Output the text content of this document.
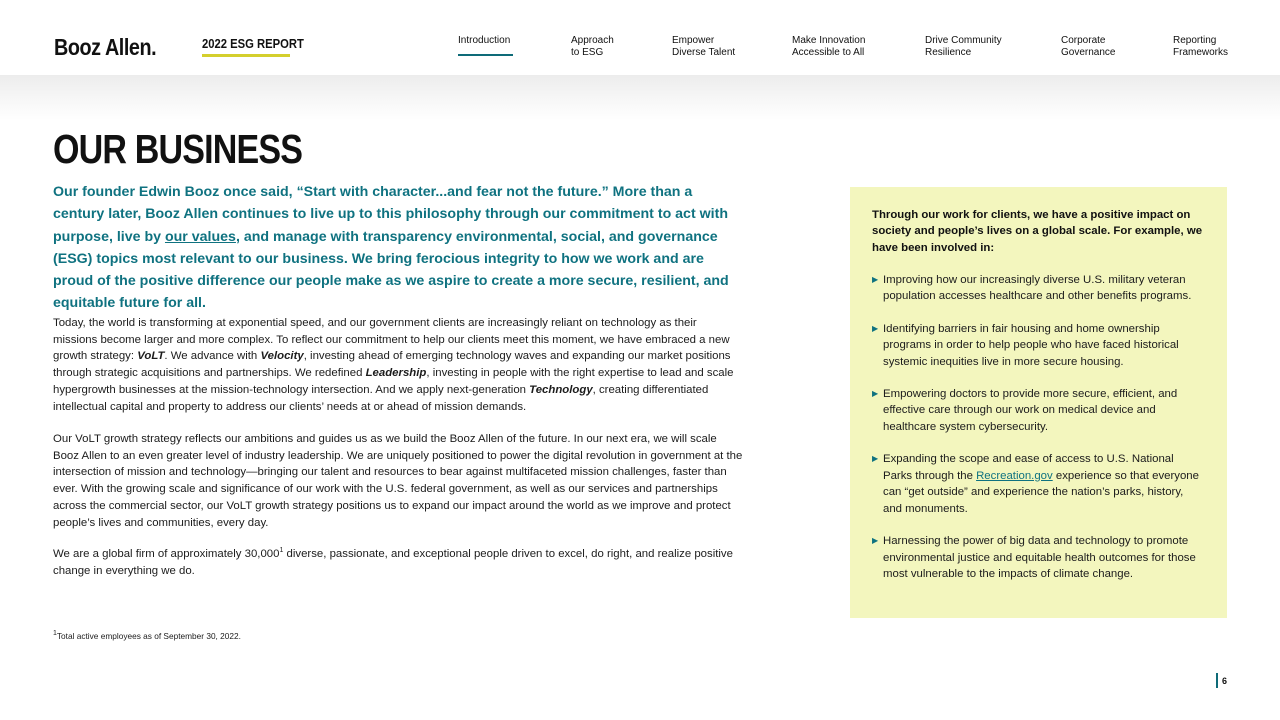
Booz Allen.	2022 ESG REPORT	Introduction	Approach
to ESG
Empower
Diverse Talent
Make Innovation
Accessible to All
Drive Community
Resilience
Corporate
Governance
Reporting
Frameworks
OUR BUSINESS

Our founder Edwin Booz once said, “Start with character...and fear not the future.” More than a century later, Booz Allen continues to live up to this philosophy through our commitment to act with purpose, live by our values, and manage with transparency environmental, social, and governance (ESG) topics most relevant to our business. We bring ferocious integrity to how we work and are proud of the positive difference our people make as we aspire to create a more secure, resilient, and equitable future for all.

Today, the world is transforming at exponential speed, and our government clients are increasingly reliant on technology as their missions become larger and more complex. To reflect our commitment to help our clients meet this moment, we have embraced a new growth strategy: VoLT. We advance with Velocity, investing ahead of emerging technology waves and expanding our market positions through strategic acquisitions and partnerships. We redefined Leadership, investing in people with the right expertise to lead and scale hypergrowth businesses at the mission-technology intersection. And we apply next-generation Technology, creating differentiated intellectual capital and property to address our clients’ needs at or ahead of mission demands.

Our VoLT growth strategy reflects our ambitions and guides us as we build the Booz Allen of the future. In our next era, we will scale Booz Allen to an even greater level of industry leadership. We are uniquely positioned to power the digital revolution in government at the intersection of mission and technology—bringing our talent and resources to bear against multifaceted mission challenges, faster than ever. With the growing scale and significance of our work with the U.S. federal government, as well as our services and partnerships across the commercial sector, our VoLT growth strategy positions us to expand our impact around the world as we improve and protect people’s lives and communities, every day.

We are a global firm of approximately 30,000$^1$ diverse, passionate, and exceptional people driven to excel, do right, and realize positive change in everything we do.

$^1$Total active employees as of September 30, 2022.

Through our work for clients, we have a positive impact on society and people’s lives on a global scale. For example, we have been involved in:

▶ Improving how our increasingly diverse U.S. military veteran population accesses healthcare and other benefits programs.
▶ Identifying barriers in fair housing and home ownership programs in order to help people who have faced historical systemic inequities live in more secure housing.
▶ Empowering doctors to provide more secure, efficient, and effective care through our work on medical device and healthcare system cybersecurity.
▶ Expanding the scope and ease of access to U.S. National Parks through the Recreation.gov experience so that everyone can “get outside” and experience the nation’s parks, history, and monuments.
▶ Harnessing the power of big data and technology to promote environmental justice and equitable health outcomes for those most vulnerable to the impacts of climate change.
6
